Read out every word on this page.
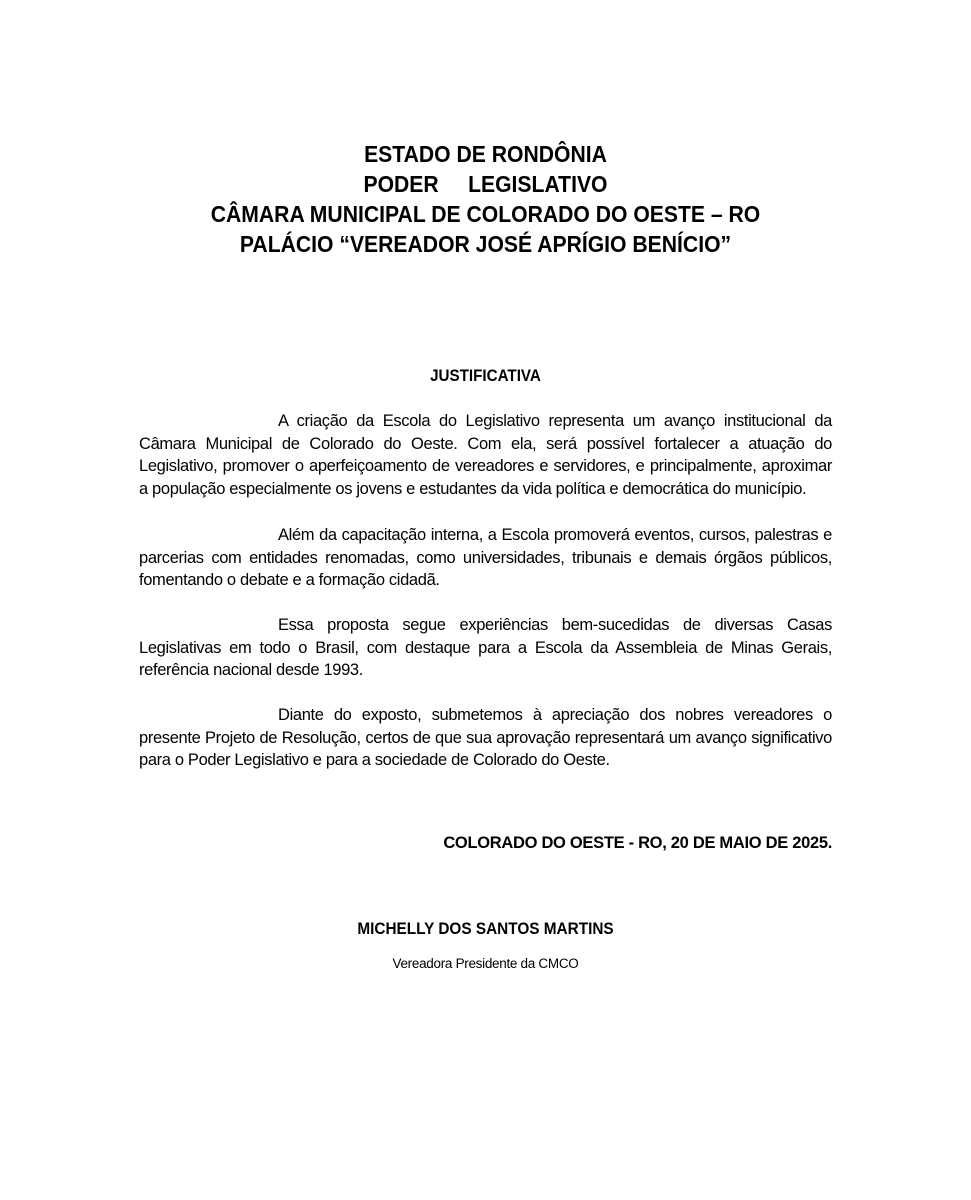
ESTADO DE RONDÔNIA
PODER     LEGISLATIVO
CÂMARA MUNICIPAL DE COLORADO DO OESTE – RO
PALÁCIO “VEREADOR JOSÉ APRÍGIO BENÍCIO”
JUSTIFICATIVA

A criação da Escola do Legislativo representa um avanço institucional da Câmara Municipal de Colorado do Oeste. Com ela, será possível fortalecer a atuação do Legislativo, promover o aperfeiçoamento de vereadores e servidores, e principalmente, aproximar a população especialmente os jovens e estudantes da vida política e democrática do município.

Além da capacitação interna, a Escola promoverá eventos, cursos, palestras e parcerias com entidades renomadas, como universidades, tribunais e demais órgãos públicos, fomentando o debate e a formação cidadã.

Essa proposta segue experiências bem-sucedidas de diversas Casas Legislativas em todo o Brasil, com destaque para a Escola da Assembleia de Minas Gerais, referência nacional desde 1993.

Diante do exposto, submetemos à apreciação dos nobres vereadores o presente Projeto de Resolução, certos de que sua aprovação representará um avanço significativo para o Poder Legislativo e para a sociedade de Colorado do Oeste.

COLORADO DO OESTE - RO, 20 DE MAIO DE 2025.
MICHELLY DOS SANTOS MARTINS
Vereadora Presidente da CMCO
